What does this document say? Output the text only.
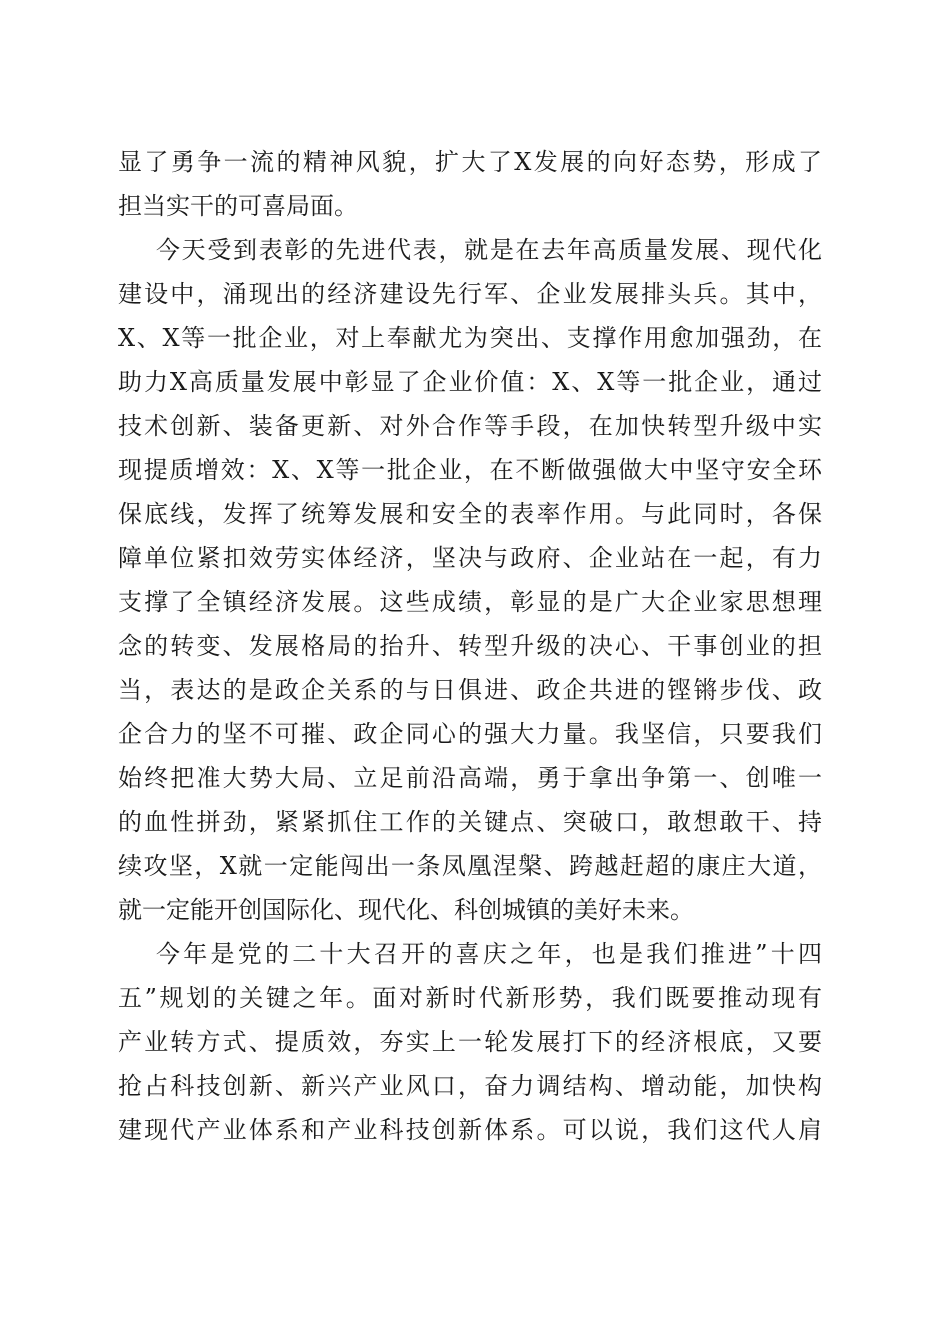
显了勇争一流的精神风貌，扩大了X发展的向好态势，形成了
担当实干的可喜局面。
今天受到表彰的先进代表，就是在去年高质量发展、现代化
建设中，涌现出的经济建设先行军、企业发展排头兵。其中，
X、X等一批企业，对上奉献尤为突出、支撑作用愈加强劲，在
助力X高质量发展中彰显了企业价值：X、X等一批企业，通过
技术创新、装备更新、对外合作等手段，在加快转型升级中实
现提质增效：X、X等一批企业，在不断做强做大中坚守安全环
保底线，发挥了统筹发展和安全的表率作用。与此同时，各保
障单位紧扣效劳实体经济，坚决与政府、企业站在一起，有力
支撑了全镇经济发展。这些成绩，彰显的是广大企业家思想理
念的转变、发展格局的抬升、转型升级的决心、干事创业的担
当，表达的是政企关系的与日俱进、政企共进的铿锵步伐、政
企合力的坚不可摧、政企同心的强大力量。我坚信，只要我们
始终把准大势大局、立足前沿高端，勇于拿出争第一、创唯一
的血性拼劲，紧紧抓住工作的关键点、突破口，敢想敢干、持
续攻坚，X就一定能闯出一条凤凰涅槃、跨越赶超的康庄大道，
就一定能开创国际化、现代化、科创城镇的美好未来。
今年是党的二十大召开的喜庆之年，也是我们推进”十四
五”规划的关键之年。面对新时代新形势，我们既要推动现有
产业转方式、提质效，夯实上一轮发展打下的经济根底，又要
抢占科技创新、新兴产业风口，奋力调结构、增动能，加快构
建现代产业体系和产业科技创新体系。可以说，我们这代人肩
